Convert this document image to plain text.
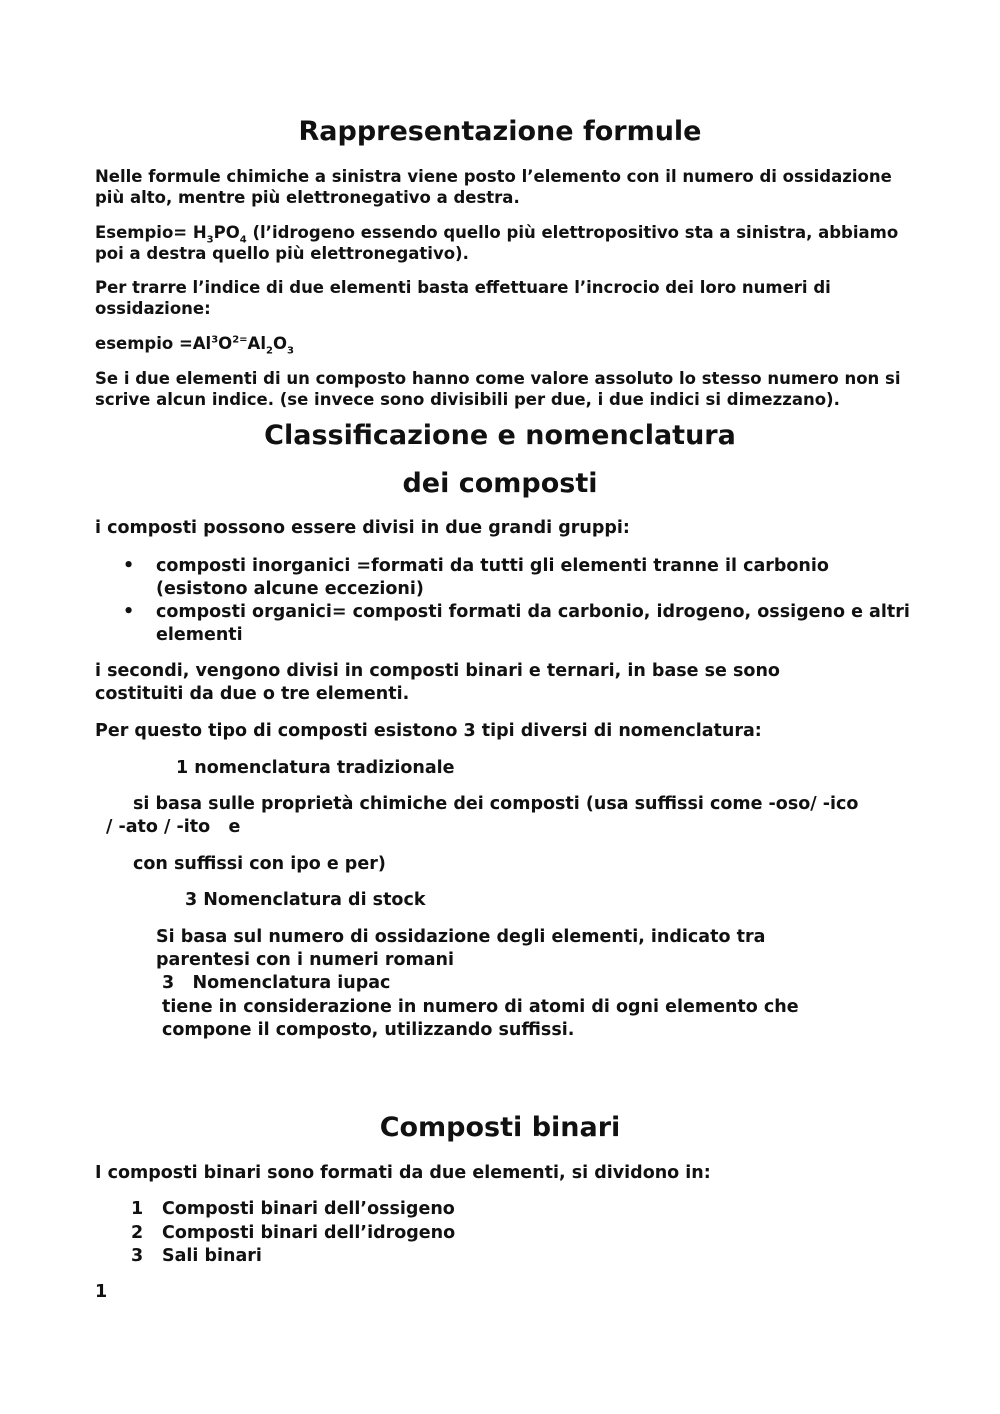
Rappresentazione formule

Nelle formule chimiche a sinistra viene posto l’elemento con il numero di ossidazione più alto, mentre più elettronegativo a destra.

Esempio= $H_3PO_4$ (l’idrogeno essendo quello più elettropositivo sta a sinistra, abbiamo poi a destra quello più elettronegativo).

Per trarre l’indice di due elementi basta effettuare l’incrocio dei loro numeri di ossidazione:

esempio $=Al^3O^{2=}Al_2O_3$

Se i due elementi di un composto hanno come valore assoluto lo stesso numero non si scrive alcun indice. (se invece sono divisibili per due, i due indici si dimezzano).

Classificazione e nomenclatura
dei composti

i composti possono essere divisi in due grandi gruppi:

• composti inorganici =formati da tutti gli elementi tranne il carbonio (esistono alcune eccezioni)
• composti organici= composti formati da carbonio, idrogeno, ossigeno e altri elementi

i secondi, vengono divisi in composti binari e ternari, in base se sono costituiti da due o tre elementi.

Per questo tipo di composti esistono 3 tipi diversi di nomenclatura:

1 nomenclatura tradizionale

si basa sulle proprietà chimiche dei composti (usa suffissi come -oso/ -ico

/ -ato / -ito   e

con suffissi con ipo e per)

3 Nomenclatura di stock

Si basa sul numero di ossidazione degli elementi, indicato tra parentesi con i numeri romani

3 Nomenclatura iupac

tiene in considerazione in numero di atomi di ogni elemento che compone il composto, utilizzando suffissi.

Composti binari

I composti binari sono formati da due elementi, si dividono in:

1 Composti binari dell’ossigeno
2 Composti binari dell’idrogeno
3 Sali binari

1
